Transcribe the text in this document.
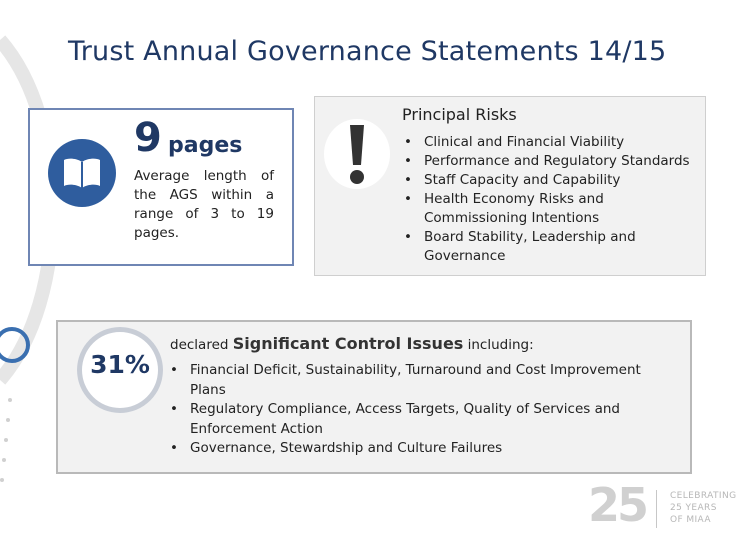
Trust Annual Governance Statements 14/15
9 pages
Average length of the AGS within a range of 3 to 19 pages.
Principal Risks
• Clinical and Financial Viability
• Performance and Regulatory Standards
• Staff Capacity and Capability
• Health Economy Risks and Commissioning Intentions
• Board Stability, Leadership and Governance
31%
declared Significant Control Issues including:
• Financial Deficit, Sustainability, Turnaround and Cost Improvement Plans
• Regulatory Compliance, Access Targets, Quality of Services and Enforcement Action
• Governance, Stewardship and Culture Failures
25	CELEBRATING
25 YEARS
OF MIAA
